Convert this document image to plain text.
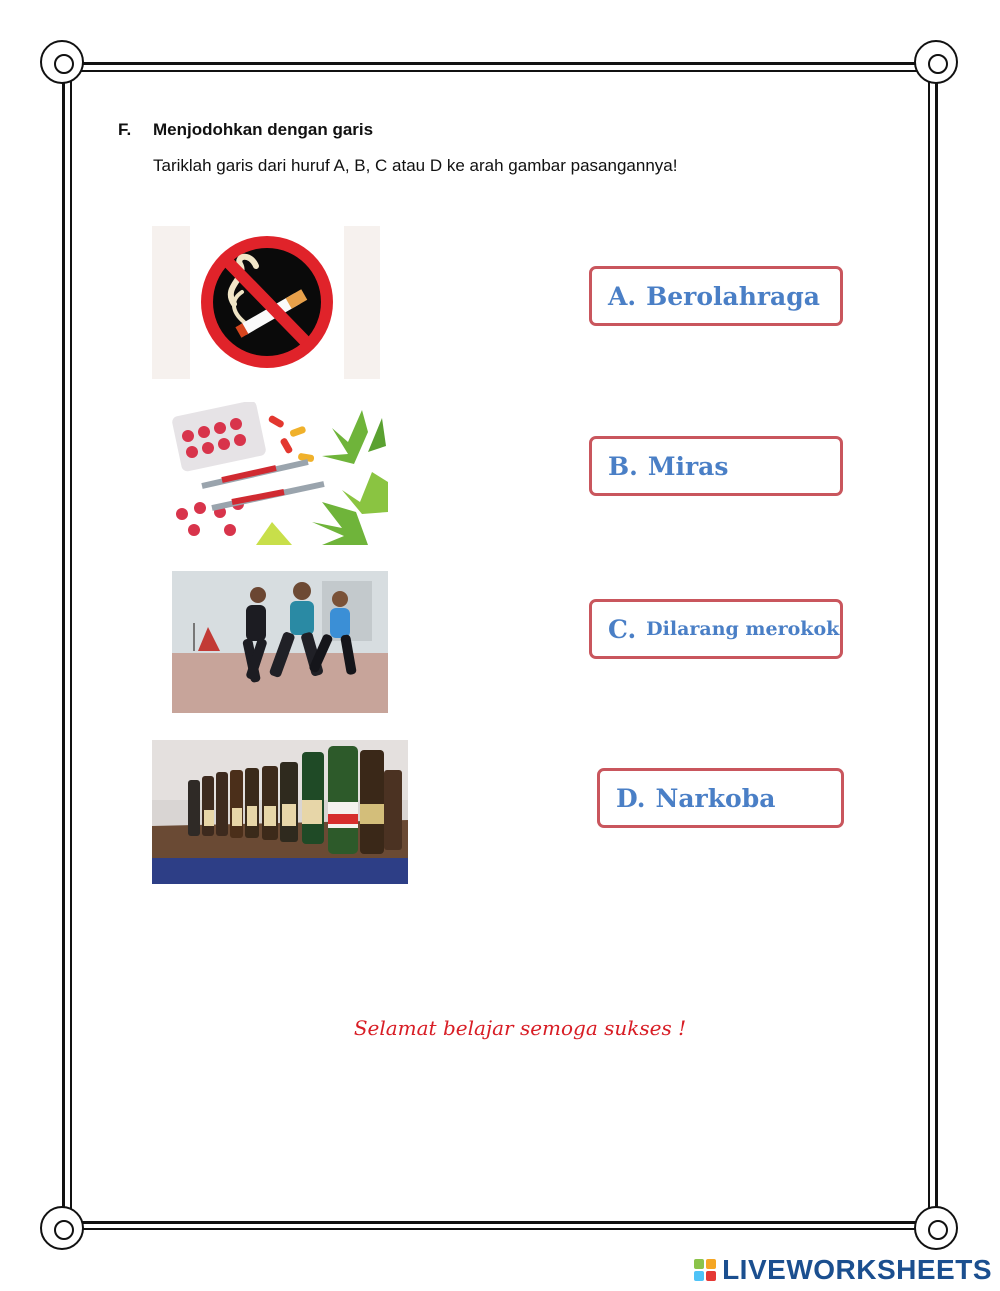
F. Menjodohkan dengan garis
Tariklah garis dari huruf A, B, C atau D ke arah gambar pasangannya!
A. Berolahraga
B. Miras
C. Dilarang merokok
D. Narkoba
Selamat belajar semoga sukses !
LIVEWORKSHEETS
